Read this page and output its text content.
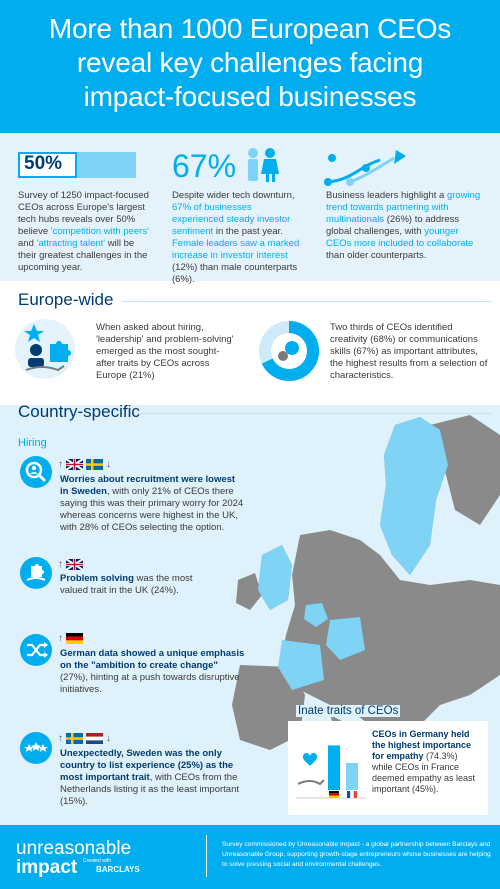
More than 1000 European CEOs
reveal key challenges facing
impact-focused businesses
50%
Survey of 1250 impact-focused CEOs across Europe's largest tech hubs reveals over 50% believe 'competition with peers' and 'attracting talent' will be their greatest challenges in the upcoming year.
67%
Despite wider tech downturn, 67% of businesses experienced steady investor sentiment in the past year. Female leaders saw a marked increase in investor interest (12%) than male counterparts (6%).
Business leaders highlight a growing trend towards partnering with multinationals (26%) to address global challenges, with younger CEOs more included to collaborate than older counterparts.
Europe-wide
When asked about hiring, 'leadership' and problem-solving' emerged as the most sought-after traits by CEOs across Europe (21%)
Two thirds of CEOs identified creativity (68%) or communications skills (67%) as important attributes, the highest results from a selection of characteristics.
Country-specific
Hiring
↑	↓
Worries about recruitment were lowest in Sweden, with only 21% of CEOs there saying this was their primary worry for 2024 whereas concerns were highest in the UK, with 28% of CEOs selecting the option.
↑
Problem solving was the most valued trait in the UK (24%).
↑
German data showed a unique emphasis on the "ambition to create change" (27%), hinting at a push towards disruptive initiatives.
↑	↓
Unexpectedly, Sweden was the only country to list experience (25%) as the most important trait, with CEOs from the Netherlands listing it as the least important (15%).
Inate traits of CEOs
CEOs in Germany held the highest importance for empathy (74.3%)
while CEOs in France deemed empathy as least important (45%).
unreasonable
impact Created with
BARCLAYS
Survey commissioned by Unreasonable Impact - a global partnership between Barclays and Unreasonable Group, supporting growth-stage entrepreneurs whose businesses are helping to solve pressing social and environmental challenges.
